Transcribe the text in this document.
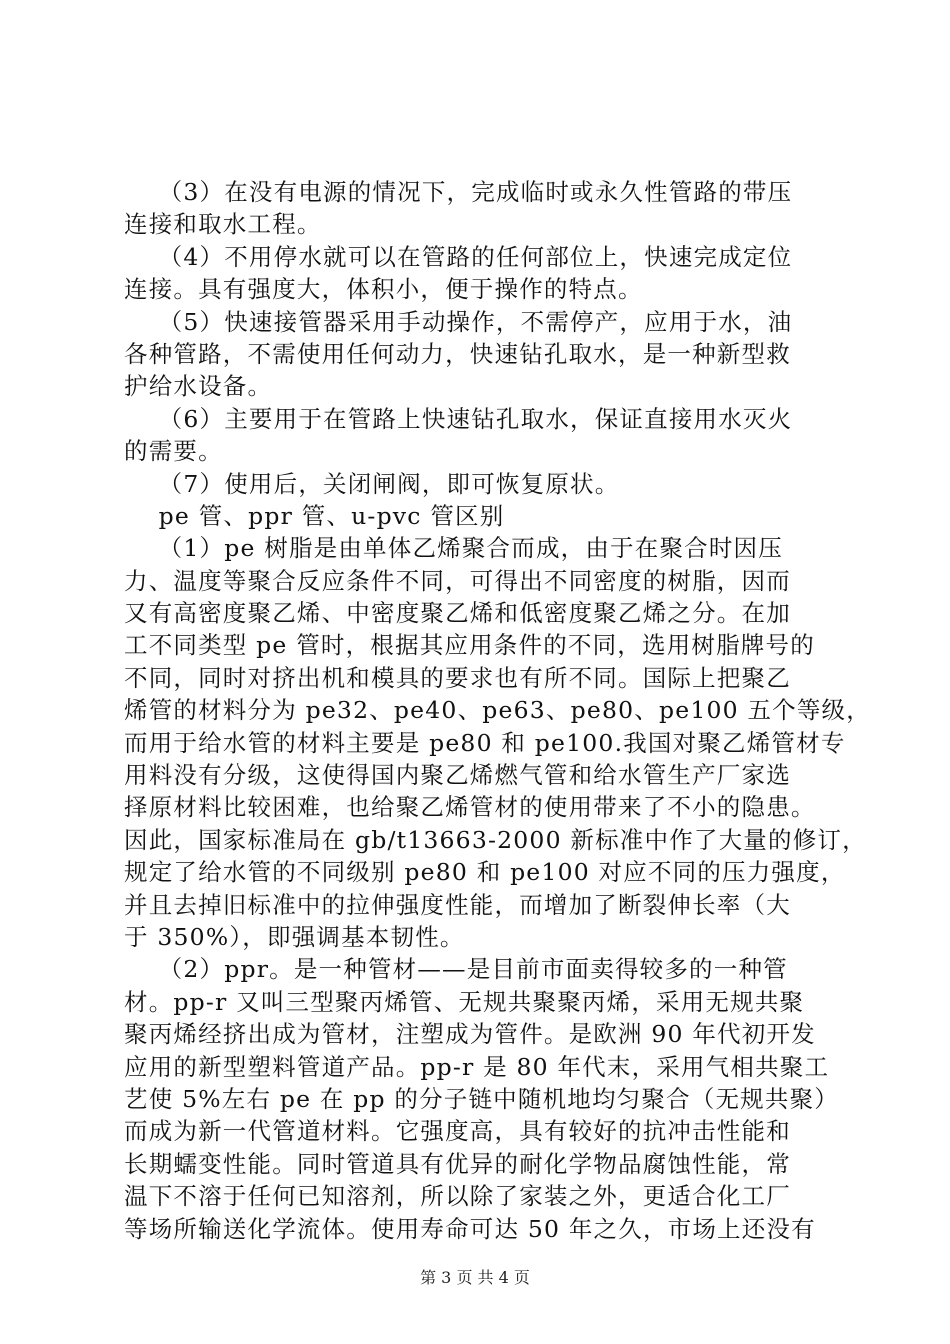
（3）在没有电源的情况下，完成临时或永久性管路的带压
连接和取水工程。
（4）不用停水就可以在管路的任何部位上，快速完成定位
连接。具有强度大，体积小，便于操作的特点。
（5）快速接管器采用手动操作，不需停产，应用于水，油
各种管路，不需使用任何动力，快速钻孔取水，是一种新型救
护给水设备。
（6）主要用于在管路上快速钻孔取水，保证直接用水灭火
的需要。
（7）使用后，关闭闸阀，即可恢复原状。
pe 管、ppr 管、u-pvc 管区别
（1）pe 树脂是由单体乙烯聚合而成，由于在聚合时因压
力、温度等聚合反应条件不同，可得出不同密度的树脂，因而
又有高密度聚乙烯、中密度聚乙烯和低密度聚乙烯之分。在加
工不同类型 pe 管时，根据其应用条件的不同，选用树脂牌号的
不同，同时对挤出机和模具的要求也有所不同。国际上把聚乙
烯管的材料分为 pe32、pe40、pe63、pe80、pe100 五个等级，
而用于给水管的材料主要是 pe80 和 pe100.我国对聚乙烯管材专
用料没有分级，这使得国内聚乙烯燃气管和给水管生产厂家选
择原材料比较困难，也给聚乙烯管材的使用带来了不小的隐患。
因此，国家标准局在 gb/t13663-2000 新标准中作了大量的修订，
规定了给水管的不同级别 pe80 和 pe100 对应不同的压力强度，
并且去掉旧标准中的拉伸强度性能，而增加了断裂伸长率（大
于 350%），即强调基本韧性。
（2）ppr。是一种管材——是目前市面卖得较多的一种管
材。pp-r 又叫三型聚丙烯管、无规共聚聚丙烯，采用无规共聚
聚丙烯经挤出成为管材，注塑成为管件。是欧洲 90 年代初开发
应用的新型塑料管道产品。pp-r 是 80 年代末，采用气相共聚工
艺使 5%左右 pe 在 pp 的分子链中随机地均匀聚合（无规共聚）
而成为新一代管道材料。它强度高，具有较好的抗冲击性能和
长期蠕变性能。同时管道具有优异的耐化学物品腐蚀性能，常
温下不溶于任何已知溶剂，所以除了家装之外，更适合化工厂
等场所输送化学流体。使用寿命可达 50 年之久，市场上还没有
第 3 页 共 4 页
